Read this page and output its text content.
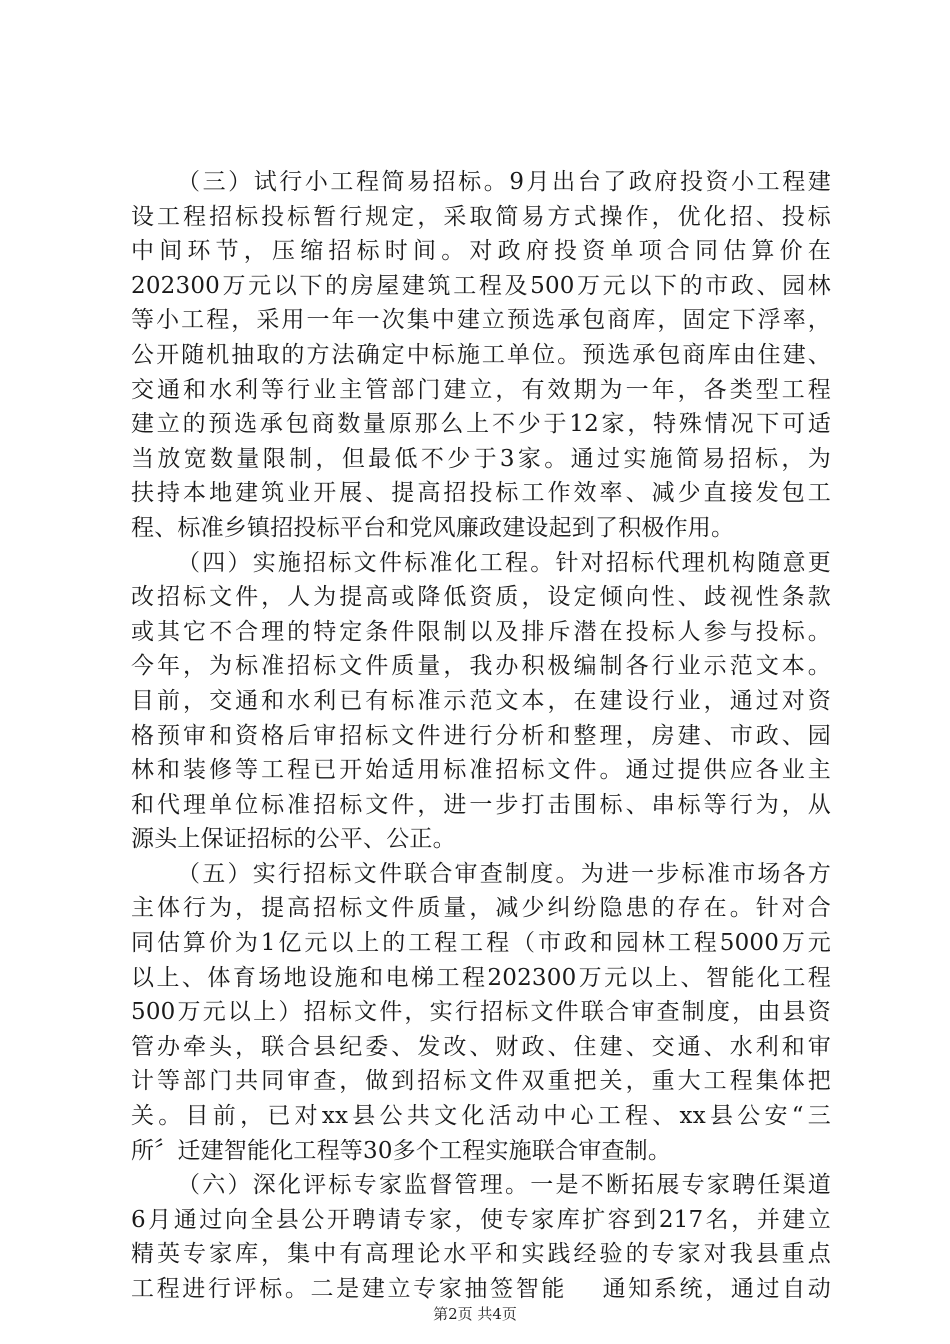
（三）试行小工程简易招标。9月出台了政府投资小工程建
设工程招标投标暂行规定，采取简易方式操作，优化招、投标
中间环节，压缩招标时间。对政府投资单项合同估算价在
202300万元以下的房屋建筑工程及500万元以下的市政、园林
等小工程，采用一年一次集中建立预选承包商库，固定下浮率，
公开随机抽取的方法确定中标施工单位。预选承包商库由住建、
交通和水利等行业主管部门建立，有效期为一年，各类型工程
建立的预选承包商数量原那么上不少于12家，特殊情况下可适
当放宽数量限制，但最低不少于3家。通过实施简易招标，为
扶持本地建筑业开展、提高招投标工作效率、减少直接发包工
程、标准乡镇招投标平台和党风廉政建设起到了积极作用。
（四）实施招标文件标准化工程。针对招标代理机构随意更
改招标文件，人为提高或降低资质，设定倾向性、歧视性条款
或其它不合理的特定条件限制以及排斥潜在投标人参与投标。
今年，为标准招标文件质量，我办积极编制各行业示范文本。
目前，交通和水利已有标准示范文本，在建设行业，通过对资
格预审和资格后审招标文件进行分析和整理，房建、市政、园
林和装修等工程已开始适用标准招标文件。通过提供应各业主
和代理单位标准招标文件，进一步打击围标、串标等行为，从
源头上保证招标的公平、公正。
（五）实行招标文件联合审查制度。为进一步标准市场各方
主体行为，提高招标文件质量，减少纠纷隐患的存在。针对合
同估算价为1亿元以上的工程工程（市政和园林工程5000万元
以上、体育场地设施和电梯工程202300万元以上、智能化工程
500万元以上）招标文件，实行招标文件联合审查制度，由县资
管办牵头，联合县纪委、发改、财政、住建、交通、水利和审
计等部门共同审查，做到招标文件双重把关，重大工程集体把
关。目前，已对xx县公共文化活动中心工程、xx县公安“三
所〞迁建智能化工程等30多个工程实施联合审查制。
（六）深化评标专家监督管理。一是不断拓展专家聘任渠道
6月通过向全县公开聘请专家，使专家库扩容到217名，并建立
精英专家库，集中有高理论水平和实践经验的专家对我县重点
工程进行评标。二是建立专家抽签智能　 通知系统，通过自动
第2页 共4页
